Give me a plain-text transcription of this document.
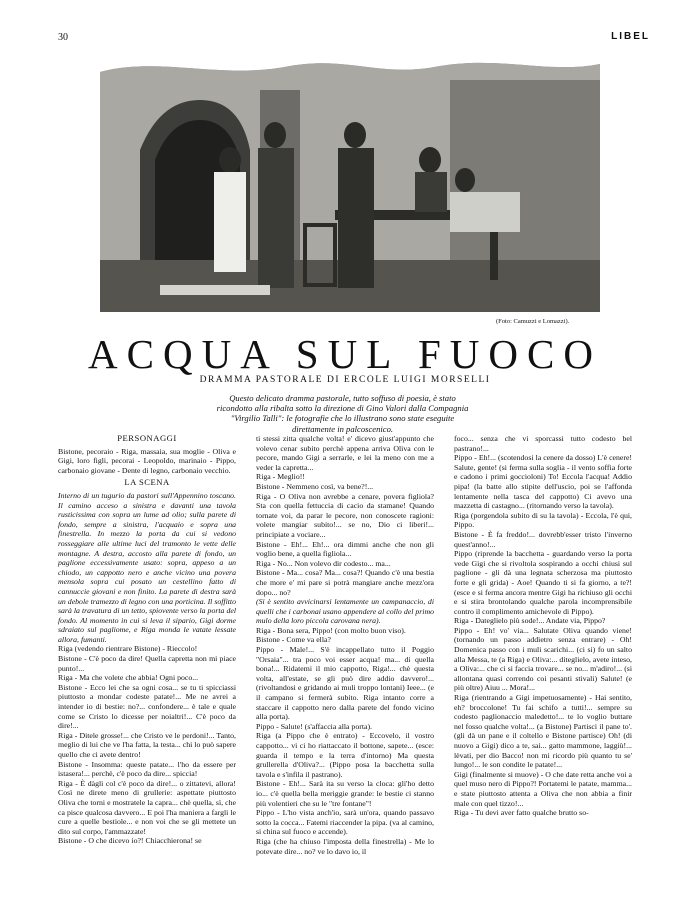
30	LIBEL
(Foto: Camuzzi e Lomazzi).
ACQUA SUL FUOCO
DRAMMA PASTORALE DI ERCOLE LUIGI MORSELLI
Questo delicato dramma pastorale, tutto soffuso di poesia, è stato ricondotto alla ribalta sotto la direzione di Gino Valori dalla Compagnia "Virgilio Talli": le fotografie che lo illustrano sono state eseguite direttamente in palcoscenico.

PERSONAGGI

Bistone, pecoraio - Riga, massaia, sua moglie - Oliva e Gigi, loro figli, pecorai - Leopoldo, marinaio - Pippo, carbonaio giovane - Dente di legno, carbonaio vecchio.

LA SCENA

Interno di un tugurio da pastori sull'Appennino toscano. Il camino acceso a sinistra e davanti una tavola rusticissima con sopra un lume ad olio; sulla parete di fondo, sempre a sinistra, l'acquaio e sopra una finestrella. In mezzo la porta da cui si vedono rosseggiare alle ultime luci del tramonto le vette delle montagne. A destra, accosto alla parete di fondo, un paglione eccessivamente usato: sopra, appeso a un chiodo, un cappotto nero e anche vicino una povera mensola sopra cui posato un cestellino fatto di cannuccie giovani e non finito. La parete di destra sarà un debole tramezzo di legno con una porticina. Il soffitto sarà la travatura di un tetto, spiovente verso la porta del fondo. Al momento in cui si leva il sipario, Gigi dorme sdraiato sul pagliome, e Riga monda le vatate lessate allora, fumanti.

Riga (vedendo rientrare Bistone) - Rieccolo!

Bistone - C'è poco da dire! Quella capretta non mi piace punto!...

Riga - Ma che volete che abbia! Ogni poco...

Bistone - Ecco lei che sa ogni cosa... se tu ti spicciassi piuttosto a mondar codeste patate!... Me ne avrei a intender io di bestie: no?... confondere... è tale e quale come se Cristo lo dicesse per noialtri!... C'è poco da dire!...

Riga - Ditele grosse!... che Cristo ve le perdoni!... Tanto, meglio di lui che ve l'ha fatta, la testa... chi lo può sapere quello che ci avete dentro!

Bistone - Insomma: queste patate... l'ho da essere per istasera!... perchè, c'è poco da dire... spiccia!

Riga - È dàgli col c'è poco da dire!... o zittatevi, allora! Così ne direte meno di grullerie: aspettate piuttosto Oliva che torni e mostratele la capra... chè quella, sì, che ca pisce qualcosa davvero... E poi l'ha maniera a fargli le cure a quelle bestiole... e non voi che se gli mettete un dito sul corpo, l'ammazzate!

Bistone - O che dicevo io?! Chiacchierona! se

ti stessi zitta qualche volta! e' dicevo giust'appunto che volevo cenar subito perchè appena arriva Oliva con le pecore, mando Gigi a serrarle, e lei la meno con me a veder la capretta...

Riga - Meglio!!

Bistone - Nemmeno così, va bene?!...

Riga - O Oliva non avrebbe a cenare, povera figliola? Sta con quella fettuccia di cacio da stamane! Quando tornate voi, da parar le pecore, non conoscete ragioni: volete mangiar subito!... se no, Dio ci liberi!... principiate a vociare...

Bistone - Eh!... Eh!... ora dimmi anche che non gli voglio bene, a quella figliola...

Riga - No... Non volevo dir codesto... ma...

Bistone - Ma... cosa? Ma... cosa?! Quando c'è una bestia che more e' mi pare si potrà mangiare anche mezz'ora dopo... no?

(Si è sentito avvicinarsi lentamente un campanaccio, di quelli che i carbonai usano appendere al collo del primo mulo della loro piccola carovana nera).

Riga - Bona sera, Pippo! (con molto buon viso).

Bistone - Come va ella?

Pippo - Male!... S'è incappellato tutto il Poggio "Orsaia"... tra poco voi esser acqua! ma... di quella bona!... Ridatemi il mio cappotto, Riga!... chè questa volta, all'estate, se gli può dire addio davvero!... (rivoltandosi e gridando ai muli troppo lontani) Ieee... (e il campano si fermerà subito. Riga intanto corre a staccare il cappotto nero dalla parete del fondo vicino alla porta).

Pippo - Salute! (s'affaccia alla porta).

Riga (a Pippo che è entrato) - Eccovelo, il vostro cappotto... vi ci ho riattaccato il bottone, sapete... (esce: guarda il tempo e la terra d'intorno) Ma questa grullerella d'Oliva?... (Pippo posa la bacchetta sulla tavola e s'infila il pastrano).

Bistone - Eh!... Sarà ita su verso la cloca: gli'ho detto io... c'è quella bella meriggie grande: le bestie ci stanno più volentieri che su le "tre fontane"!

Pippo - L'ho vista anch'io, sarà un'ora, quando passavo sotto la cocca... Fatemi riaccender la pipa. (va al camino, si china sul fuoco e accende).

Riga (che ha chiuso l'imposta della finestrella) - Me lo potevate dire... no? ve lo davo io, il

foco... senza che vi sporcassi tutto codesto bel pastrano!...

Pippo - Eh!... (scotendosi la cenere da dosso) L'è cenere! Salute, gente! (si ferma sulla soglia - il vento soffia forte e cadono i primi goccioloni) To! Eccola l'acqua! Addio pipa! (la batte allo stipite dell'uscio, poi se l'affonda lentamente nella tasca del cappotto) Ci avevo una mazzetta di castagno... (ritornando verso la tavola).

Riga (porgendola subito di su la tavola) - Eccola, l'è qui, Pippo.

Bistone - È fa freddo!... dovrebb'esser tristo l'inverno quest'anno!...

Pippo (riprende la bacchetta - guardando verso la porta vede Gigi che si rivoltola sospirando a occhi chiusi sul paglione - gli dà una legnata scherzosa ma piuttosto forte e gli grida) - Aoe! Quando ti si fa giorno, a te?! (esce e si ferma ancora mentre Gigi ha richiuso gli occhi e si stira brontolando qualche parola incomprensibile contro il complimento amichevole di Pippo).

Riga - Dateglielo più sode!... Andate via, Pippo?

Pippo - Eh! vo' via... Salutate Oliva quando viene! (tornando un passo addietro senza entrare) - Oh! Domenica passo con i muli scarichi... (ci si) fo un salto alla Messa, te (a Riga) e Oliva:... diteglielo, avete inteso, a Oliva:... che ci si faccia trovare... se no... m'adiro!... (si allontana quasi correndo coi pesanti stivali) Salute! (e più oltre) Aiuu ... Mora!...

Riga (rientrando a Gigi impetuosamente) - Hai sentito, eh? broccolone! Tu fai schifo a tutti!... sempre su codesto paglionaccio maledetto!... te lo voglio buttare nel fosso qualche volta!... (a Bistone) Partisci il pane to'. (gli dà un pane e il coltello e Bistone partisce) Oh! (di nuovo a Gigi) dico a te, sai... gatto mammone, laggiù!... lèvati, per dio Bacco! non mi ricordo più quanto tu se' lungo!... le son condite le patate!...

Gigi (finalmente si muove) - O che date retta anche voi a quel muso nero di Pippo?! Portatemi le patate, mamma... e state piuttosto attenta a Oliva che non abbia a finir male con quel tizzo!...

Riga - Tu devi aver fatto qualche brutto so-
